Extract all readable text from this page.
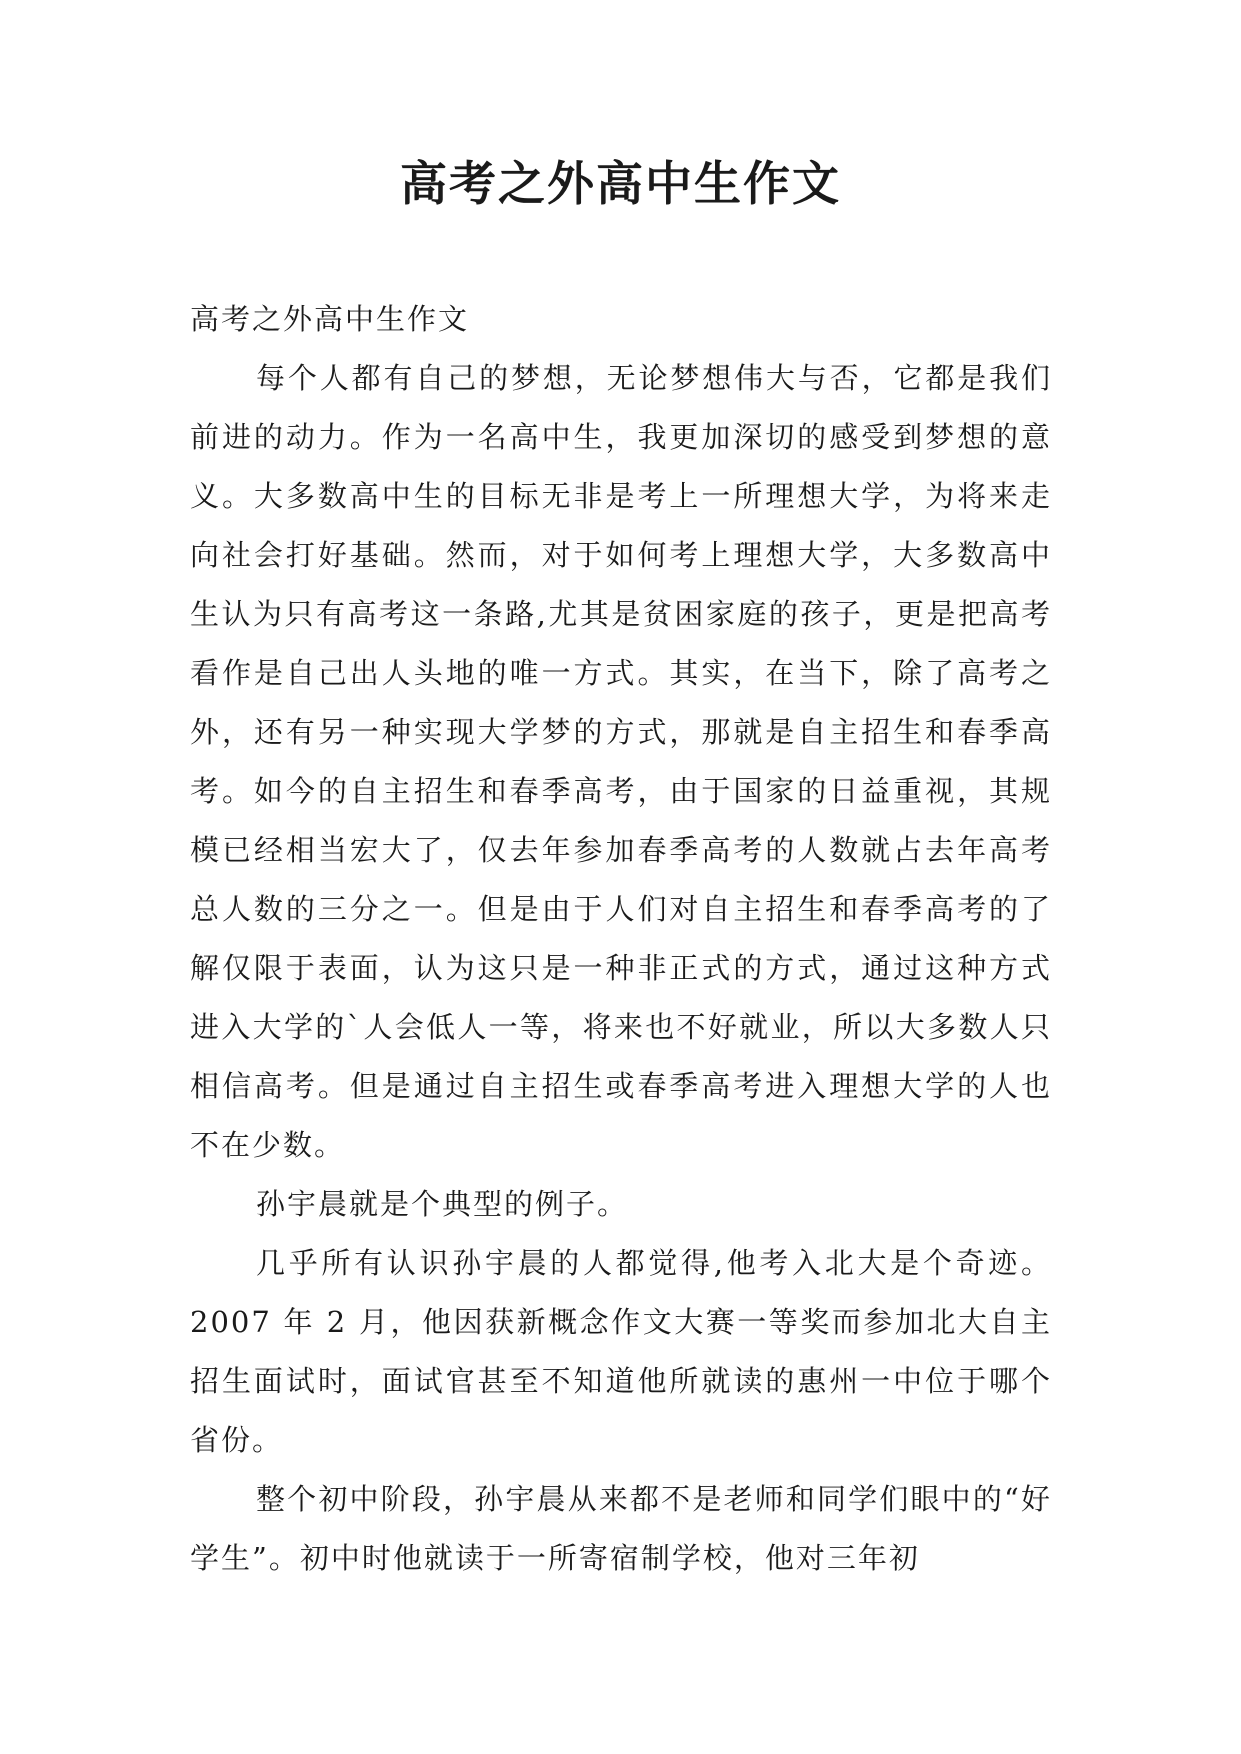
高考之外高中生作文

高考之外高中生作文

每个人都有自己的梦想，无论梦想伟大与否，它都是我们前进的动力。作为一名高中生，我更加深切的感受到梦想的意义。大多数高中生的目标无非是考上一所理想大学，为将来走向社会打好基础。然而，对于如何考上理想大学，大多数高中生认为只有高考这一条路,尤其是贫困家庭的孩子，更是把高考看作是自己出人头地的唯一方式。其实，在当下，除了高考之外，还有另一种实现大学梦的方式，那就是自主招生和春季高考。如今的自主招生和春季高考，由于国家的日益重视，其规模已经相当宏大了，仅去年参加春季高考的人数就占去年高考总人数的三分之一。但是由于人们对自主招生和春季高考的了解仅限于表面，认为这只是一种非正式的方式，通过这种方式进入大学的`人会低人一等，将来也不好就业，所以大多数人只相信高考。但是通过自主招生或春季高考进入理想大学的人也不在少数。

孙宇晨就是个典型的例子。

几乎所有认识孙宇晨的人都觉得,他考入北大是个奇迹。2007 年 2 月，他因获新概念作文大赛一等奖而参加北大自主招生面试时，面试官甚至不知道他所就读的惠州一中位于哪个省份。

整个初中阶段，孙宇晨从来都不是老师和同学们眼中的“好学生”。初中时他就读于一所寄宿制学校，他对三年初
